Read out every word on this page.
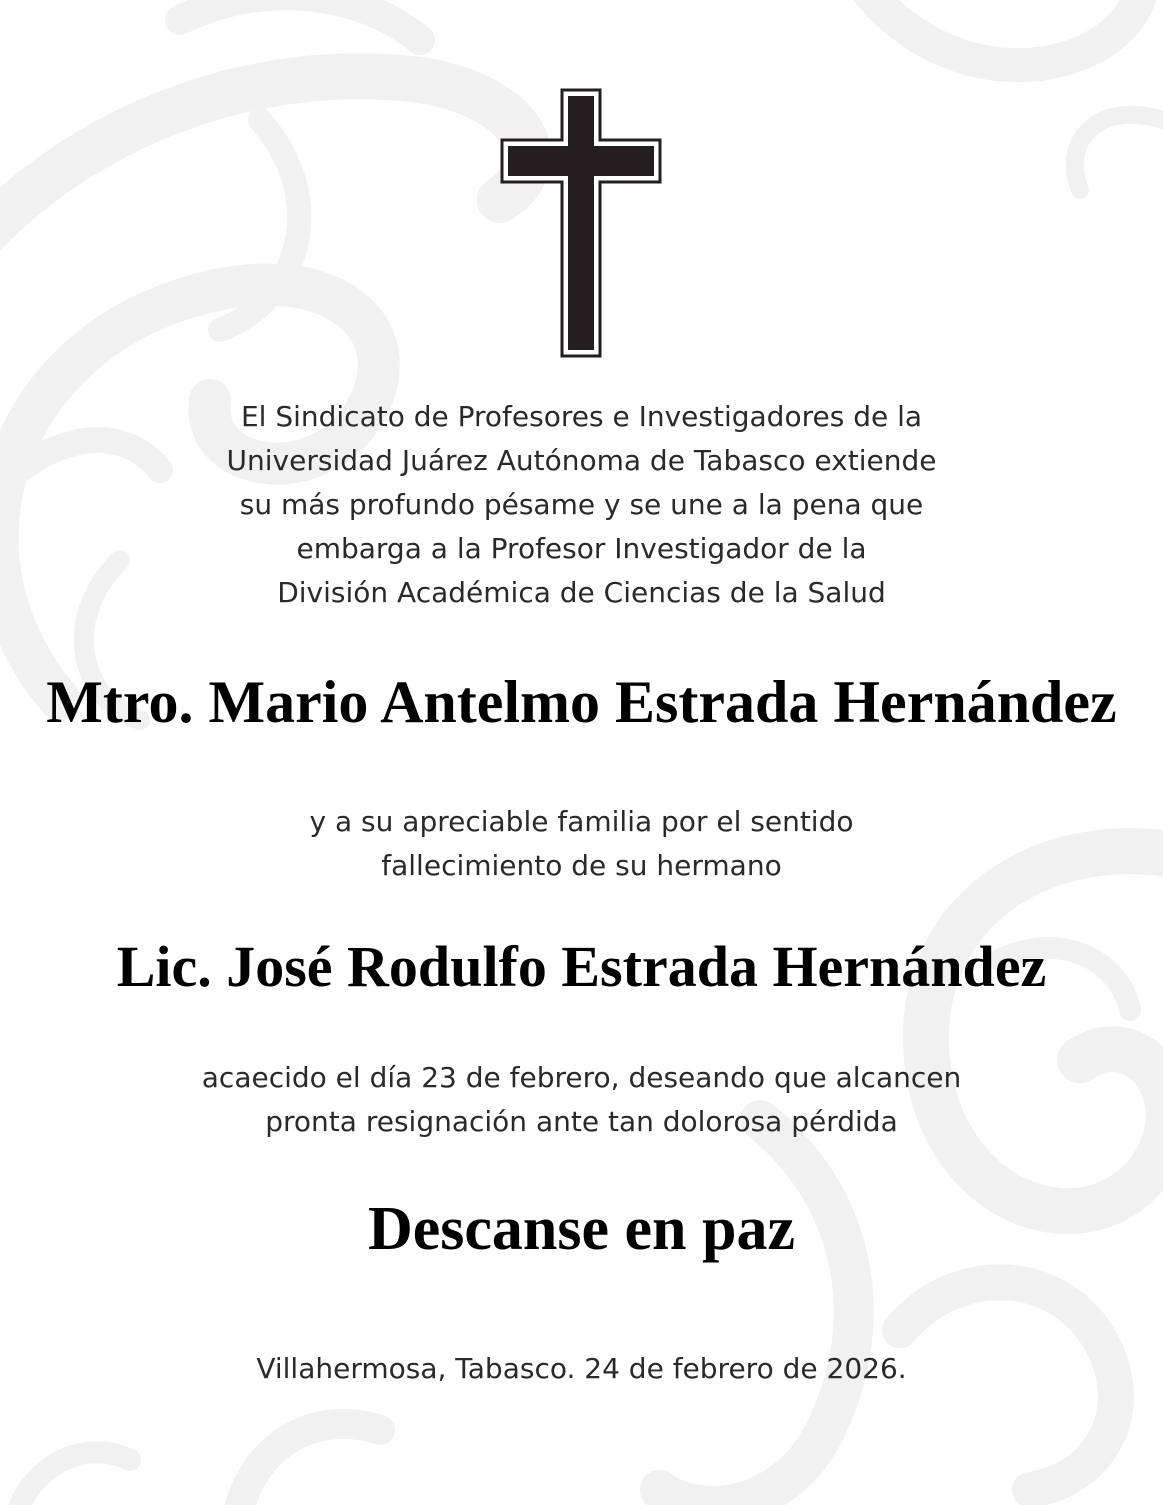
El Sindicato de Profesores e Investigadores de la
Universidad Juárez Autónoma de Tabasco extiende
su más profundo pésame y se une a la pena que
embarga a la Profesor Investigador de la
División Académica de Ciencias de la Salud
Mtro. Mario Antelmo Estrada Hernández
y a su apreciable familia por el sentido
fallecimiento de su hermano
Lic. José Rodulfo Estrada Hernández
acaecido el día 23 de febrero, deseando que alcancen
pronta resignación ante tan dolorosa pérdida
Descanse en paz
Villahermosa, Tabasco. 24 de febrero de 2026.
